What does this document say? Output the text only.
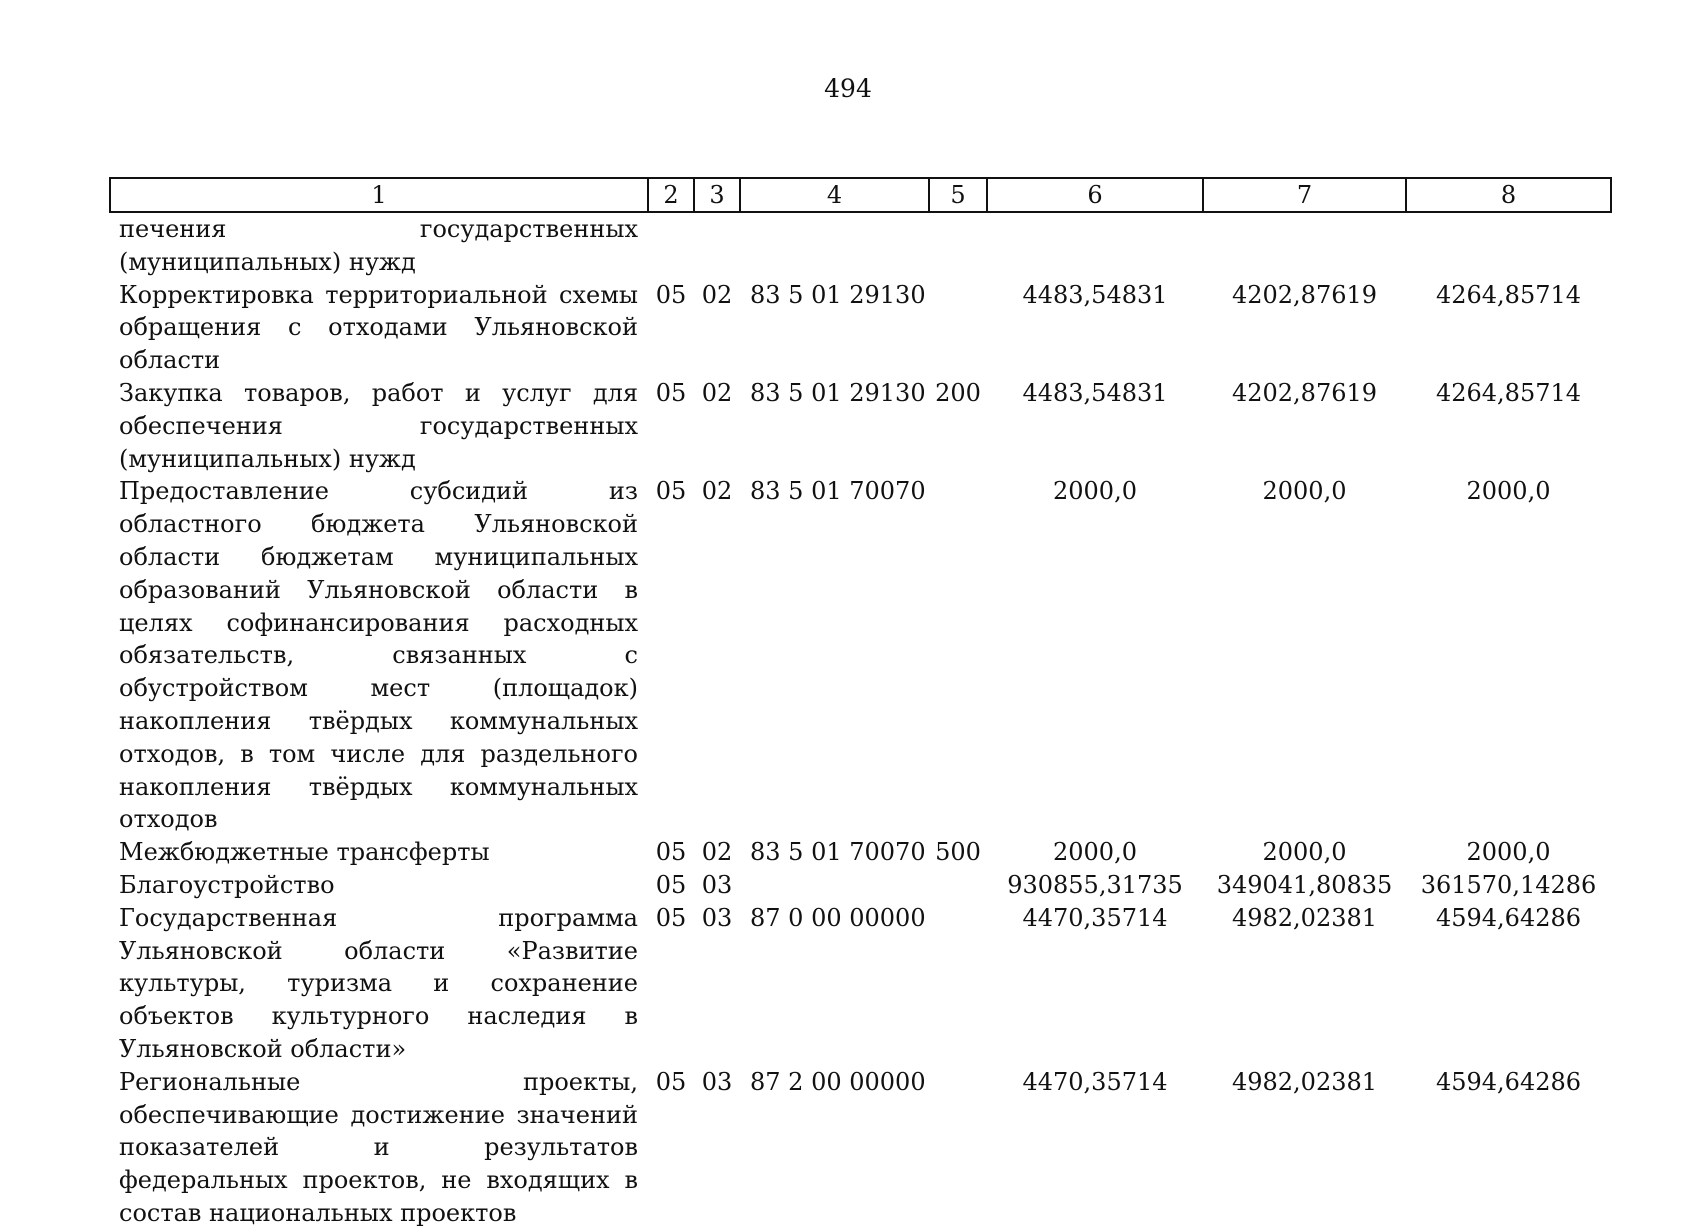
494
1	2	3	4	5	6	7	8
печения государственных (муниципальных) нужд							
Корректировка территориальной схемы обращения с отходами Ульяновской области	05	02	83 5 01 29130		4483,54831	4202,87619	4264,85714
Закупка товаров, работ и услуг для обеспечения государственных (муниципальных) нужд	05	02	83 5 01 29130	200	4483,54831	4202,87619	4264,85714
Предоставление субсидий из областного бюджета Ульяновской области бюджетам муниципальных образований Ульяновской области в целях софинансирования расходных обязательств, связанных с обустройством мест (площадок) накопления твёрдых коммунальных отходов, в том числе для раздельного накопления твёрдых коммунальных отходов	05	02	83 5 01 70070		2000,0	2000,0	2000,0
Межбюджетные трансферты	05	02	83 5 01 70070	500	2000,0	2000,0	2000,0
Благоустройство	05	03			930855,31735	349041,80835	361570,14286
Государственная программа Ульяновской области «Развитие культуры, туризма и сохранение объектов культурного наследия в Ульяновской области»	05	03	87 0 00 00000		4470,35714	4982,02381	4594,64286
Региональные проекты, обеспечивающие достижение значений показателей и результатов федеральных проектов, не входящих в состав национальных проектов	05	03	87 2 00 00000		4470,35714	4982,02381	4594,64286
